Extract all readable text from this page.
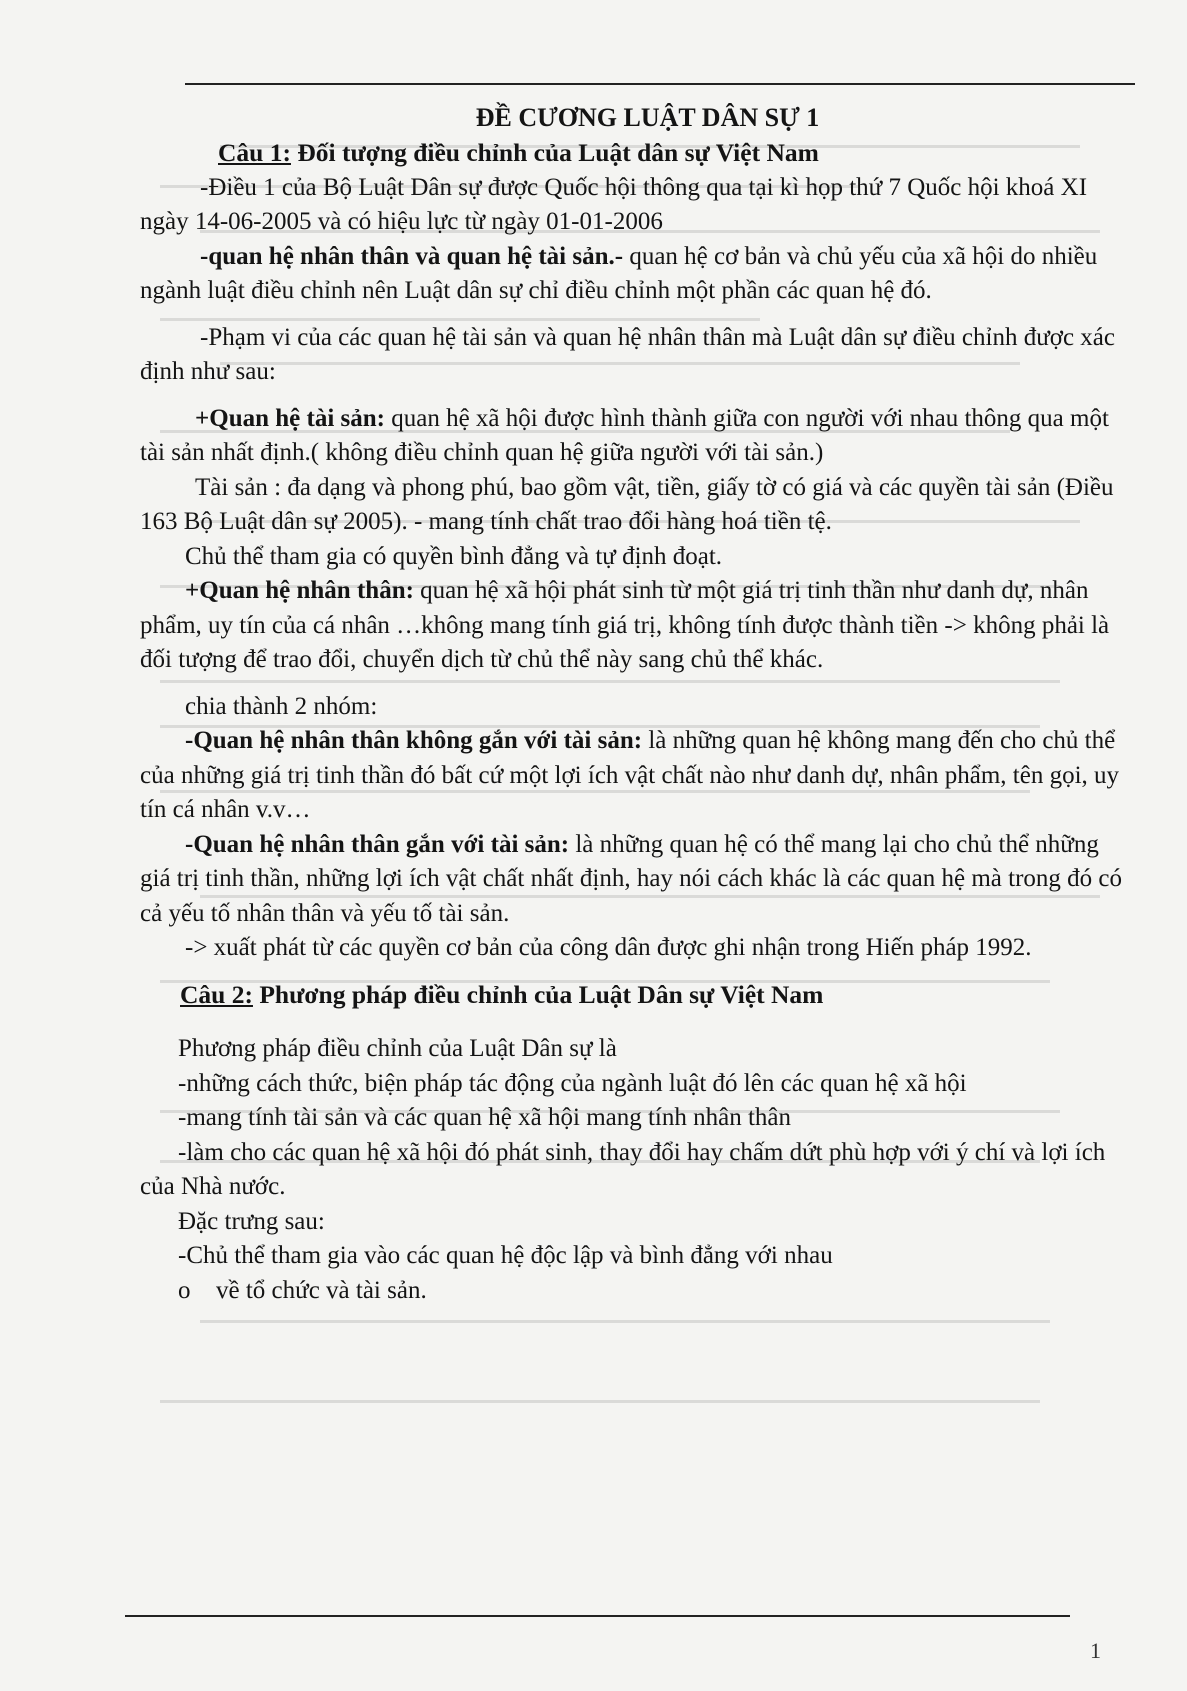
ĐỀ CƯƠNG LUẬT DÂN SỰ 1

Câu 1: Đối tượng điều chỉnh của Luật dân sự Việt Nam

-Điều 1 của Bộ Luật Dân sự được Quốc hội thông qua tại kì họp thứ 7 Quốc hội khoá XI ngày 14-06-2005 và có hiệu lực từ ngày 01-01-2006

-quan hệ nhân thân và quan hệ tài sản.- quan hệ cơ bản và chủ yếu của xã hội do nhiều ngành luật điều chỉnh nên Luật dân sự chỉ điều chỉnh một phần các quan hệ đó.

-Phạm vi của các quan hệ tài sản và quan hệ nhân thân mà Luật dân sự điều chỉnh được xác định như sau:

+Quan hệ tài sản: quan hệ xã hội được hình thành giữa con người với nhau thông qua một tài sản nhất định.( không điều chỉnh quan hệ giữa người với tài sản.)

Tài sản : đa dạng và phong phú, bao gồm vật, tiền, giấy tờ có giá và các quyền tài sản (Điều 163 Bộ Luật dân sự 2005). - mang tính chất trao đổi hàng hoá tiền tệ.

Chủ thể tham gia có quyền bình đẳng và tự định đoạt.

+Quan hệ nhân thân: quan hệ xã hội phát sinh từ một giá trị tinh thần như danh dự, nhân phẩm, uy tín của cá nhân …không mang tính giá trị, không tính được thành tiền -> không phải là đối tượng để trao đổi, chuyển dịch từ chủ thể này sang chủ thể khác.

chia thành 2 nhóm:

-Quan hệ nhân thân không gắn với tài sản: là những quan hệ không mang đến cho chủ thể của những giá trị tinh thần đó bất cứ một lợi ích vật chất nào như danh dự, nhân phẩm, tên gọi, uy tín cá nhân v.v…

-Quan hệ nhân thân gắn với tài sản: là những quan hệ có thể mang lại cho chủ thể những giá trị tinh thần, những lợi ích vật chất nhất định, hay nói cách khác là các quan hệ mà trong đó có cả yếu tố nhân thân và yếu tố tài sản.

-> xuất phát từ các quyền cơ bản của công dân được ghi nhận trong Hiến pháp 1992.

Câu 2: Phương pháp điều chỉnh của Luật Dân sự Việt Nam

Phương pháp điều chỉnh của Luật Dân sự là

-những cách thức, biện pháp tác động của ngành luật đó lên các quan hệ xã hội

-mang tính tài sản và các quan hệ xã hội mang tính nhân thân

-làm cho các quan hệ xã hội đó phát sinh, thay đổi hay chấm dứt phù hợp với ý chí và lợi ích của Nhà nước.

Đặc trưng sau:

-Chủ thể tham gia vào các quan hệ độc lập và bình đẳng với nhau

o về tổ chức và tài sản.

1
